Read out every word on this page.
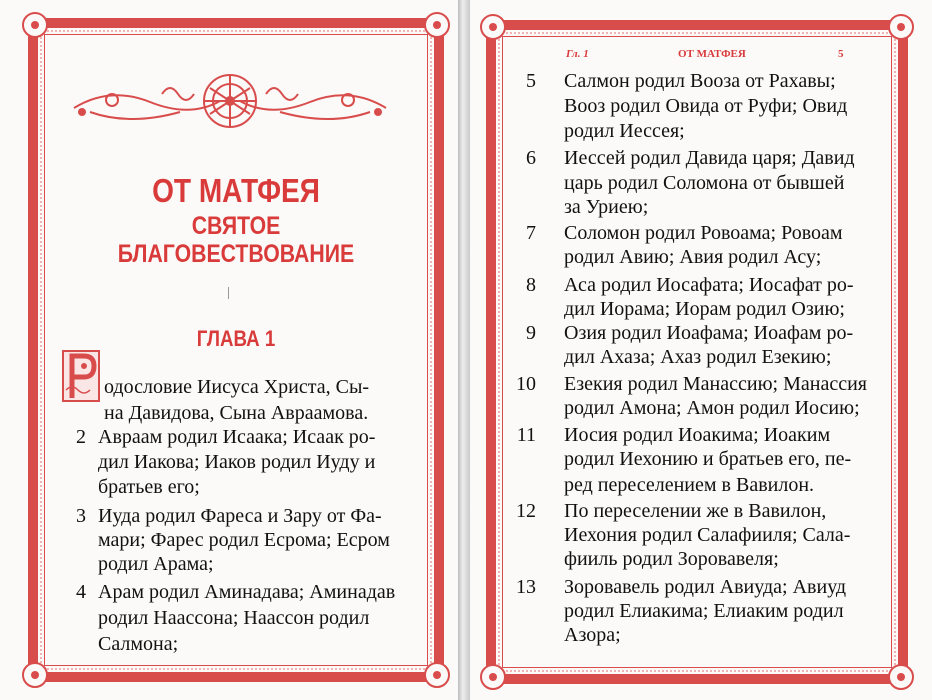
ОТ МАТФЕЯ
СВЯТОЕ
БЛАГОВЕСТВОВАНИЕ
ГЛАВА 1
одословие Иисуса Христа, Сы-
на Давидова, Сына Авраамова.
2 Авраам родил Исаака; Исаак ро-
дил Иакова; Иаков родил Иуду и
братьев его;
3 Иуда родил Фареса и Зару от Фа-
мари; Фарес родил Есрома; Есром
родил Арама;
4 Арам родил Аминадава; Аминадав
родил Наассона; Наассон родил
Салмона;
Гл. 1	ОТ МАТФЕЯ	5
5 Салмон родил Вооза от Рахавы;
Вооз родил Овида от Руфи; Овид
родил Иессея;
6 Иессей родил Давида царя; Давид
царь родил Соломона от бывшей
за Уриею;
7 Соломон родил Ровоама; Ровоам
родил Авию; Авия родил Асу;
8 Аса родил Иосафата; Иосафат ро-
дил Иорама; Иорам родил Озию;
9 Озия родил Иоафама; Иоафам ро-
дил Ахаза; Ахаз родил Езекию;
10 Езекия родил Манассию; Манассия
родил Амона; Амон родил Иосию;
11 Иосия родил Иоакима; Иоаким
родил Иехонию и братьев его, пе-
ред переселением в Вавилон.
12 По переселении же в Вавилон,
Иехония родил Салафииля; Сала-
фииль родил Зоровавеля;
13 Зоровавель родил Авиуда; Авиуд
родил Елиакима; Елиаким родил
Азора;
